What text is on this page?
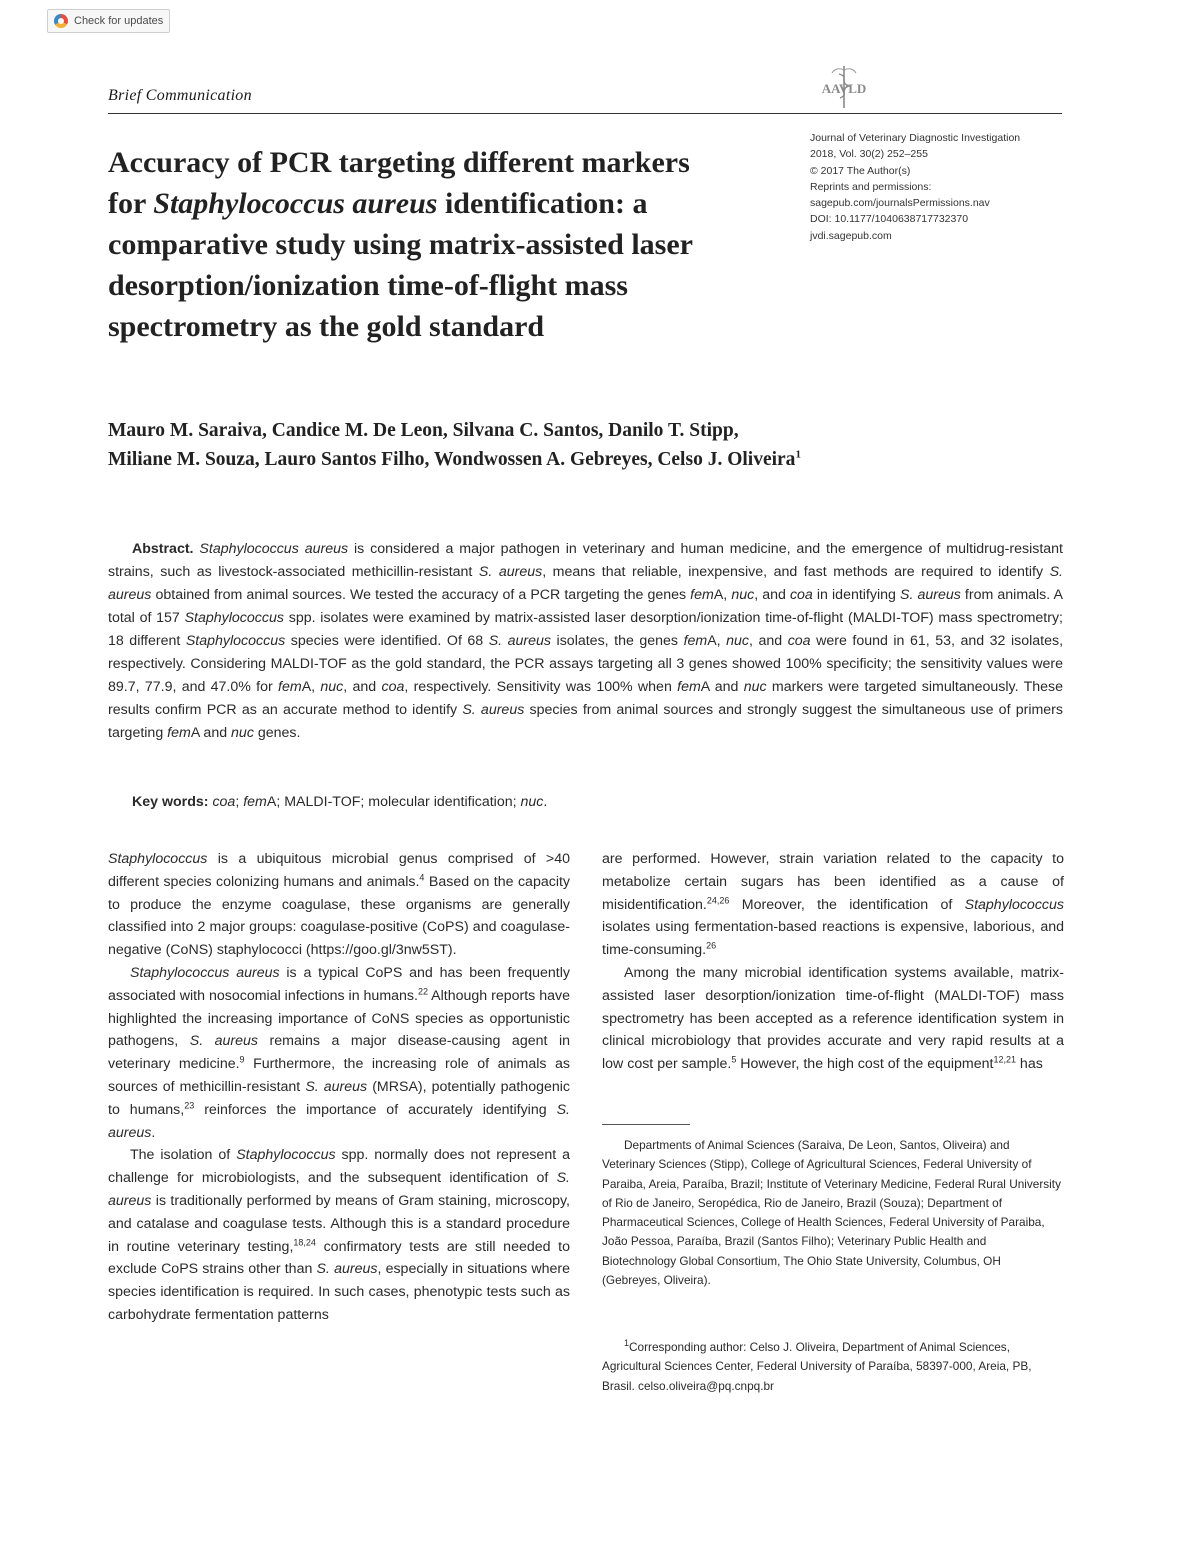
Check for updates
Brief Communication	AAVLD
Accuracy of PCR targeting different markers
for Staphylococcus aureus identification: a
comparative study using matrix-assisted laser
desorption/ionization time-of-flight mass
spectrometry as the gold standard
Journal of Veterinary Diagnostic Investigation
2018, Vol. 30(2) 252–255
© 2017 The Author(s)
Reprints and permissions:
sagepub.com/journalsPermissions.nav
DOI: 10.1177/1040638717732370
jvdi.sagepub.com
Mauro M. Saraiva, Candice M. De Leon, Silvana C. Santos, Danilo T. Stipp,
Miliane M. Souza, Lauro Santos Filho, Wondwossen A. Gebreyes, Celso J. Oliveira$^1$

Abstract. Staphylococcus aureus is considered a major pathogen in veterinary and human medicine, and the emergence of multidrug-resistant strains, such as livestock-associated methicillin-resistant S. aureus, means that reliable, inexpensive, and fast methods are required to identify S. aureus obtained from animal sources. We tested the accuracy of a PCR targeting the genes femA, nuc, and coa in identifying S. aureus from animals. A total of 157 Staphylococcus spp. isolates were examined by matrix-assisted laser desorption/ionization time-of-flight (MALDI-TOF) mass spectrometry; 18 different Staphylococcus species were identified. Of 68 S. aureus isolates, the genes femA, nuc, and coa were found in 61, 53, and 32 isolates, respectively. Considering MALDI-TOF as the gold standard, the PCR assays targeting all 3 genes showed 100% specificity; the sensitivity values were 89.7, 77.9, and 47.0% for femA, nuc, and coa, respectively. Sensitivity was 100% when femA and nuc markers were targeted simultaneously. These results confirm PCR as an accurate method to identify S. aureus species from animal sources and strongly suggest the simultaneous use of primers targeting femA and nuc genes.

Key words: coa; femA; MALDI-TOF; molecular identification; nuc.

Staphylococcus is a ubiquitous microbial genus comprised of >40 different species colonizing humans and animals.$^4$ Based on the capacity to produce the enzyme coagulase, these organisms are generally classified into 2 major groups: coagulase-positive (CoPS) and coagulase-negative (CoNS) staphylococci (https://goo.gl/3nw5ST).

Staphylococcus aureus is a typical CoPS and has been frequently associated with nosocomial infections in humans.$^{22}$ Although reports have highlighted the increasing importance of CoNS species as opportunistic pathogens, S. aureus remains a major disease-causing agent in veterinary medicine.$^9$ Furthermore, the increasing role of animals as sources of methicillin-resistant S. aureus (MRSA), potentially pathogenic to humans,$^{23}$ reinforces the importance of accurately identifying S. aureus.

The isolation of Staphylococcus spp. normally does not represent a challenge for microbiologists, and the subsequent identification of S. aureus is traditionally performed by means of Gram staining, microscopy, and catalase and coagulase tests. Although this is a standard procedure in routine veterinary testing,$^{18,24}$ confirmatory tests are still needed to exclude CoPS strains other than S. aureus, especially in situations where species identification is required. In such cases, phenotypic tests such as carbohydrate fermentation patterns

are performed. However, strain variation related to the capacity to metabolize certain sugars has been identified as a cause of misidentification.$^{24,26}$ Moreover, the identification of Staphylococcus isolates using fermentation-based reactions is expensive, laborious, and time-consuming.$^{26}$

Among the many microbial identification systems available, matrix-assisted laser desorption/ionization time-of-flight (MALDI-TOF) mass spectrometry has been accepted as a reference identification system in clinical microbiology that provides accurate and very rapid results at a low cost per sample.$^5$ However, the high cost of the equipment$^{12,21}$ has

Departments of Animal Sciences (Saraiva, De Leon, Santos, Oliveira) and Veterinary Sciences (Stipp), College of Agricultural Sciences, Federal University of Paraiba, Areia, Paraíba, Brazil; Institute of Veterinary Medicine, Federal Rural University of Rio de Janeiro, Seropédica, Rio de Janeiro, Brazil (Souza); Department of Pharmaceutical Sciences, College of Health Sciences, Federal University of Paraiba, João Pessoa, Paraíba, Brazil (Santos Filho); Veterinary Public Health and Biotechnology Global Consortium, The Ohio State University, Columbus, OH (Gebreyes, Oliveira).
$^1$Corresponding author: Celso J. Oliveira, Department of Animal Sciences, Agricultural Sciences Center, Federal University of Paraíba, 58397-000, Areia, PB, Brasil. celso.oliveira@pq.cnpq.br
